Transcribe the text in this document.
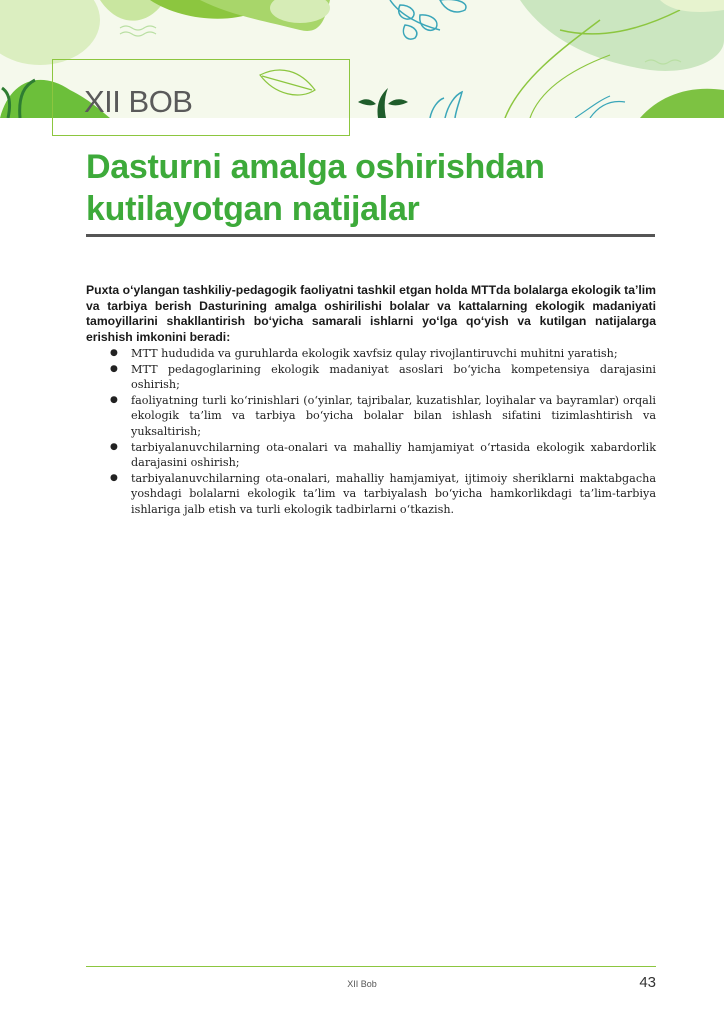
XII BOB
Dasturni amalga oshirishdan
kutilayotgan natijalar

Puxta o‘ylangan tashkiliy-pedagogik faoliyatni tashkil etgan holda MTTda bolalarga ekologik ta’lim va tarbiya berish Dasturining amalga oshirilishi bolalar va kattalarning ekologik madaniyati tamoyillarini shakllantirish bo‘yicha samarali ishlarni yo‘lga qo‘yish va kutilgan natijalarga erishish imkonini beradi:

● MTT hududida va guruhlarda ekologik xavfsiz qulay rivojlantiruvchi muhitni yaratish;
● MTT pedagoglarining ekologik madaniyat asoslari bo‘yicha kompetensiya darajasini oshirish;
● faoliyatning turli ko‘rinishlari (o‘yinlar, tajribalar, kuzatishlar, loyihalar va bayramlar) orqali ekologik ta’lim va tarbiya bo‘yicha bolalar bilan ishlash sifatini tizimlashtirish va yuksaltirish;
● tarbiyalanuvchilarning ota-onalari va mahalliy hamjamiyat o‘rtasida ekologik xabardorlik darajasini oshirish;
● tarbiyalanuvchilarning ota-onalari, mahalliy hamjamiyat, ijtimoiy sheriklarni maktabgacha yoshdagi bolalarni ekologik ta’lim va tarbiyalash bo‘yicha hamkorlikdagi ta’lim-tarbiya ishlariga jalb etish va turli ekologik tadbirlarni o‘tkazish.
XII Bob	43
